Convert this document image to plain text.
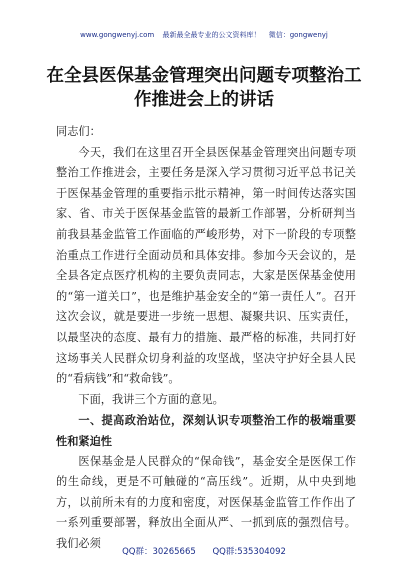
www.gongwenyj.com 最新最全最专业的公文资料库！ 微信：gongwenyj
在全县医保基金管理突出问题专项整治工
作推进会上的讲话

同志们：

今天，我们在这里召开全县医保基金管理突出问题专项整治工作推进会，主要任务是深入学习贯彻习近平总书记关于医保基金管理的重要指示批示精神，第一时间传达落实国家、省、市关于医保基金监管的最新工作部署，分析研判当前我县基金监管工作面临的严峻形势，对下一阶段的专项整治重点工作进行全面动员和具体安排。参加今天会议的，是全县各定点医疗机构的主要负责同志，大家是医保基金使用的“第一道关口”，也是维护基金安全的“第一责任人”。召开这次会议，就是要进一步统一思想、凝聚共识、压实责任，以最坚决的态度、最有力的措施、最严格的标准，共同打好这场事关人民群众切身利益的攻坚战，坚决守护好全县人民的“看病钱”和“救命钱”。

下面，我讲三个方面的意见。

一、提高政治站位，深刻认识专项整治工作的极端重要性和紧迫性

医保基金是人民群众的“保命钱”，基金安全是医保工作的生命线，更是不可触碰的“高压线”。近期，从中央到地方，以前所未有的力度和密度，对医保基金监管工作作出了一系列重要部署，释放出全面从严、一抓到底的强烈信号。我们必须

QQ群：30265665 QQ群:535304092
